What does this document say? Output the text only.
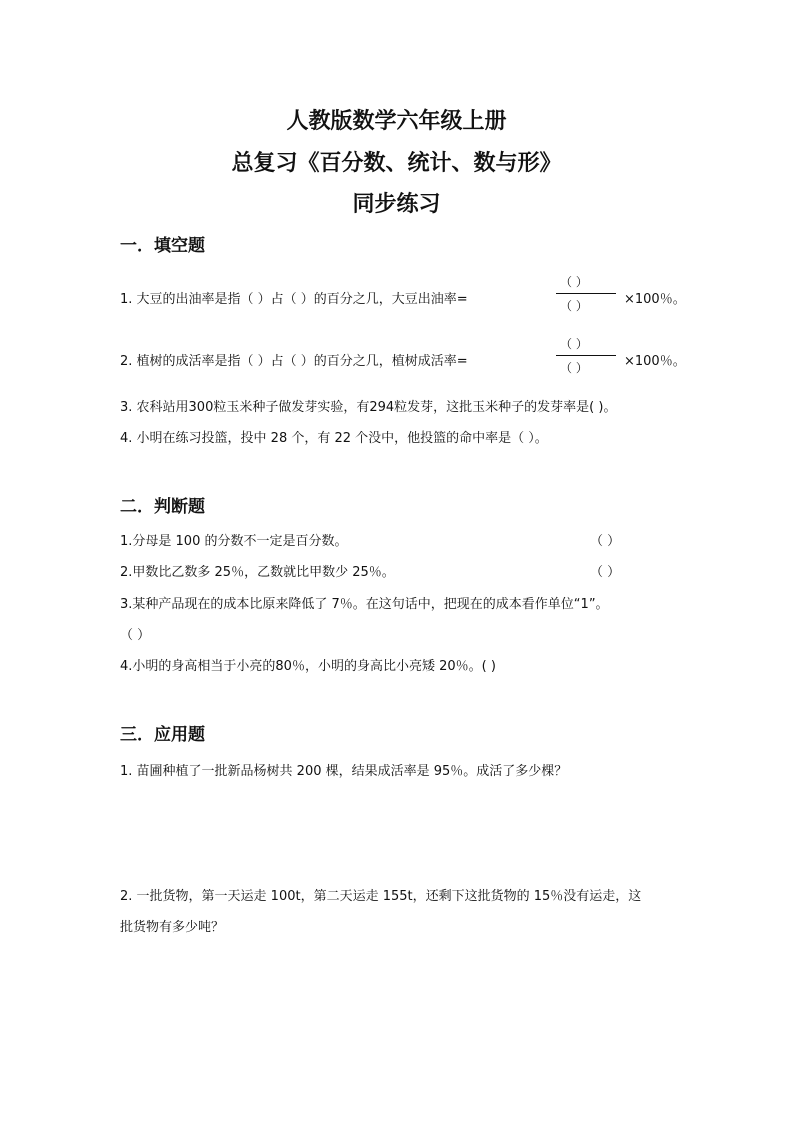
人教版数学六年级上册
总复习《百分数、统计、数与形》
同步练习
一．填空题
1. 大豆的出油率是指（ ）占（ ）的百分之几，大豆出油率=
（ ）
（ ）	×100％。
2. 植树的成活率是指（ ）占（ ）的百分之几，植树成活率=
（ ）
（ ）	×100％。
3. 农科站用300粒玉米种子做发芽实验，有294粒发芽，这批玉米种子的发芽率是( )。
4. 小明在练习投篮，投中 28 个，有 22 个没中，他投篮的命中率是（ ）。
二．判断题
1.分母是 100 的分数不一定是百分数。	（ ）
2.甲数比乙数多 25％，乙数就比甲数少 25％。	（ ）
3.某种产品现在的成本比原来降低了 7％。在这句话中，把现在的成本看作单位“1”。
（ ）
4.小明的身高相当于小亮的80％，小明的身高比小亮矮 20％。( )
三．应用题
1. 苗圃种植了一批新品杨树共 200 棵，结果成活率是 95％。成活了多少棵？
2. 一批货物，第一天运走 100t，第二天运走 155t，还剩下这批货物的 15％没有运走，这
批货物有多少吨？
